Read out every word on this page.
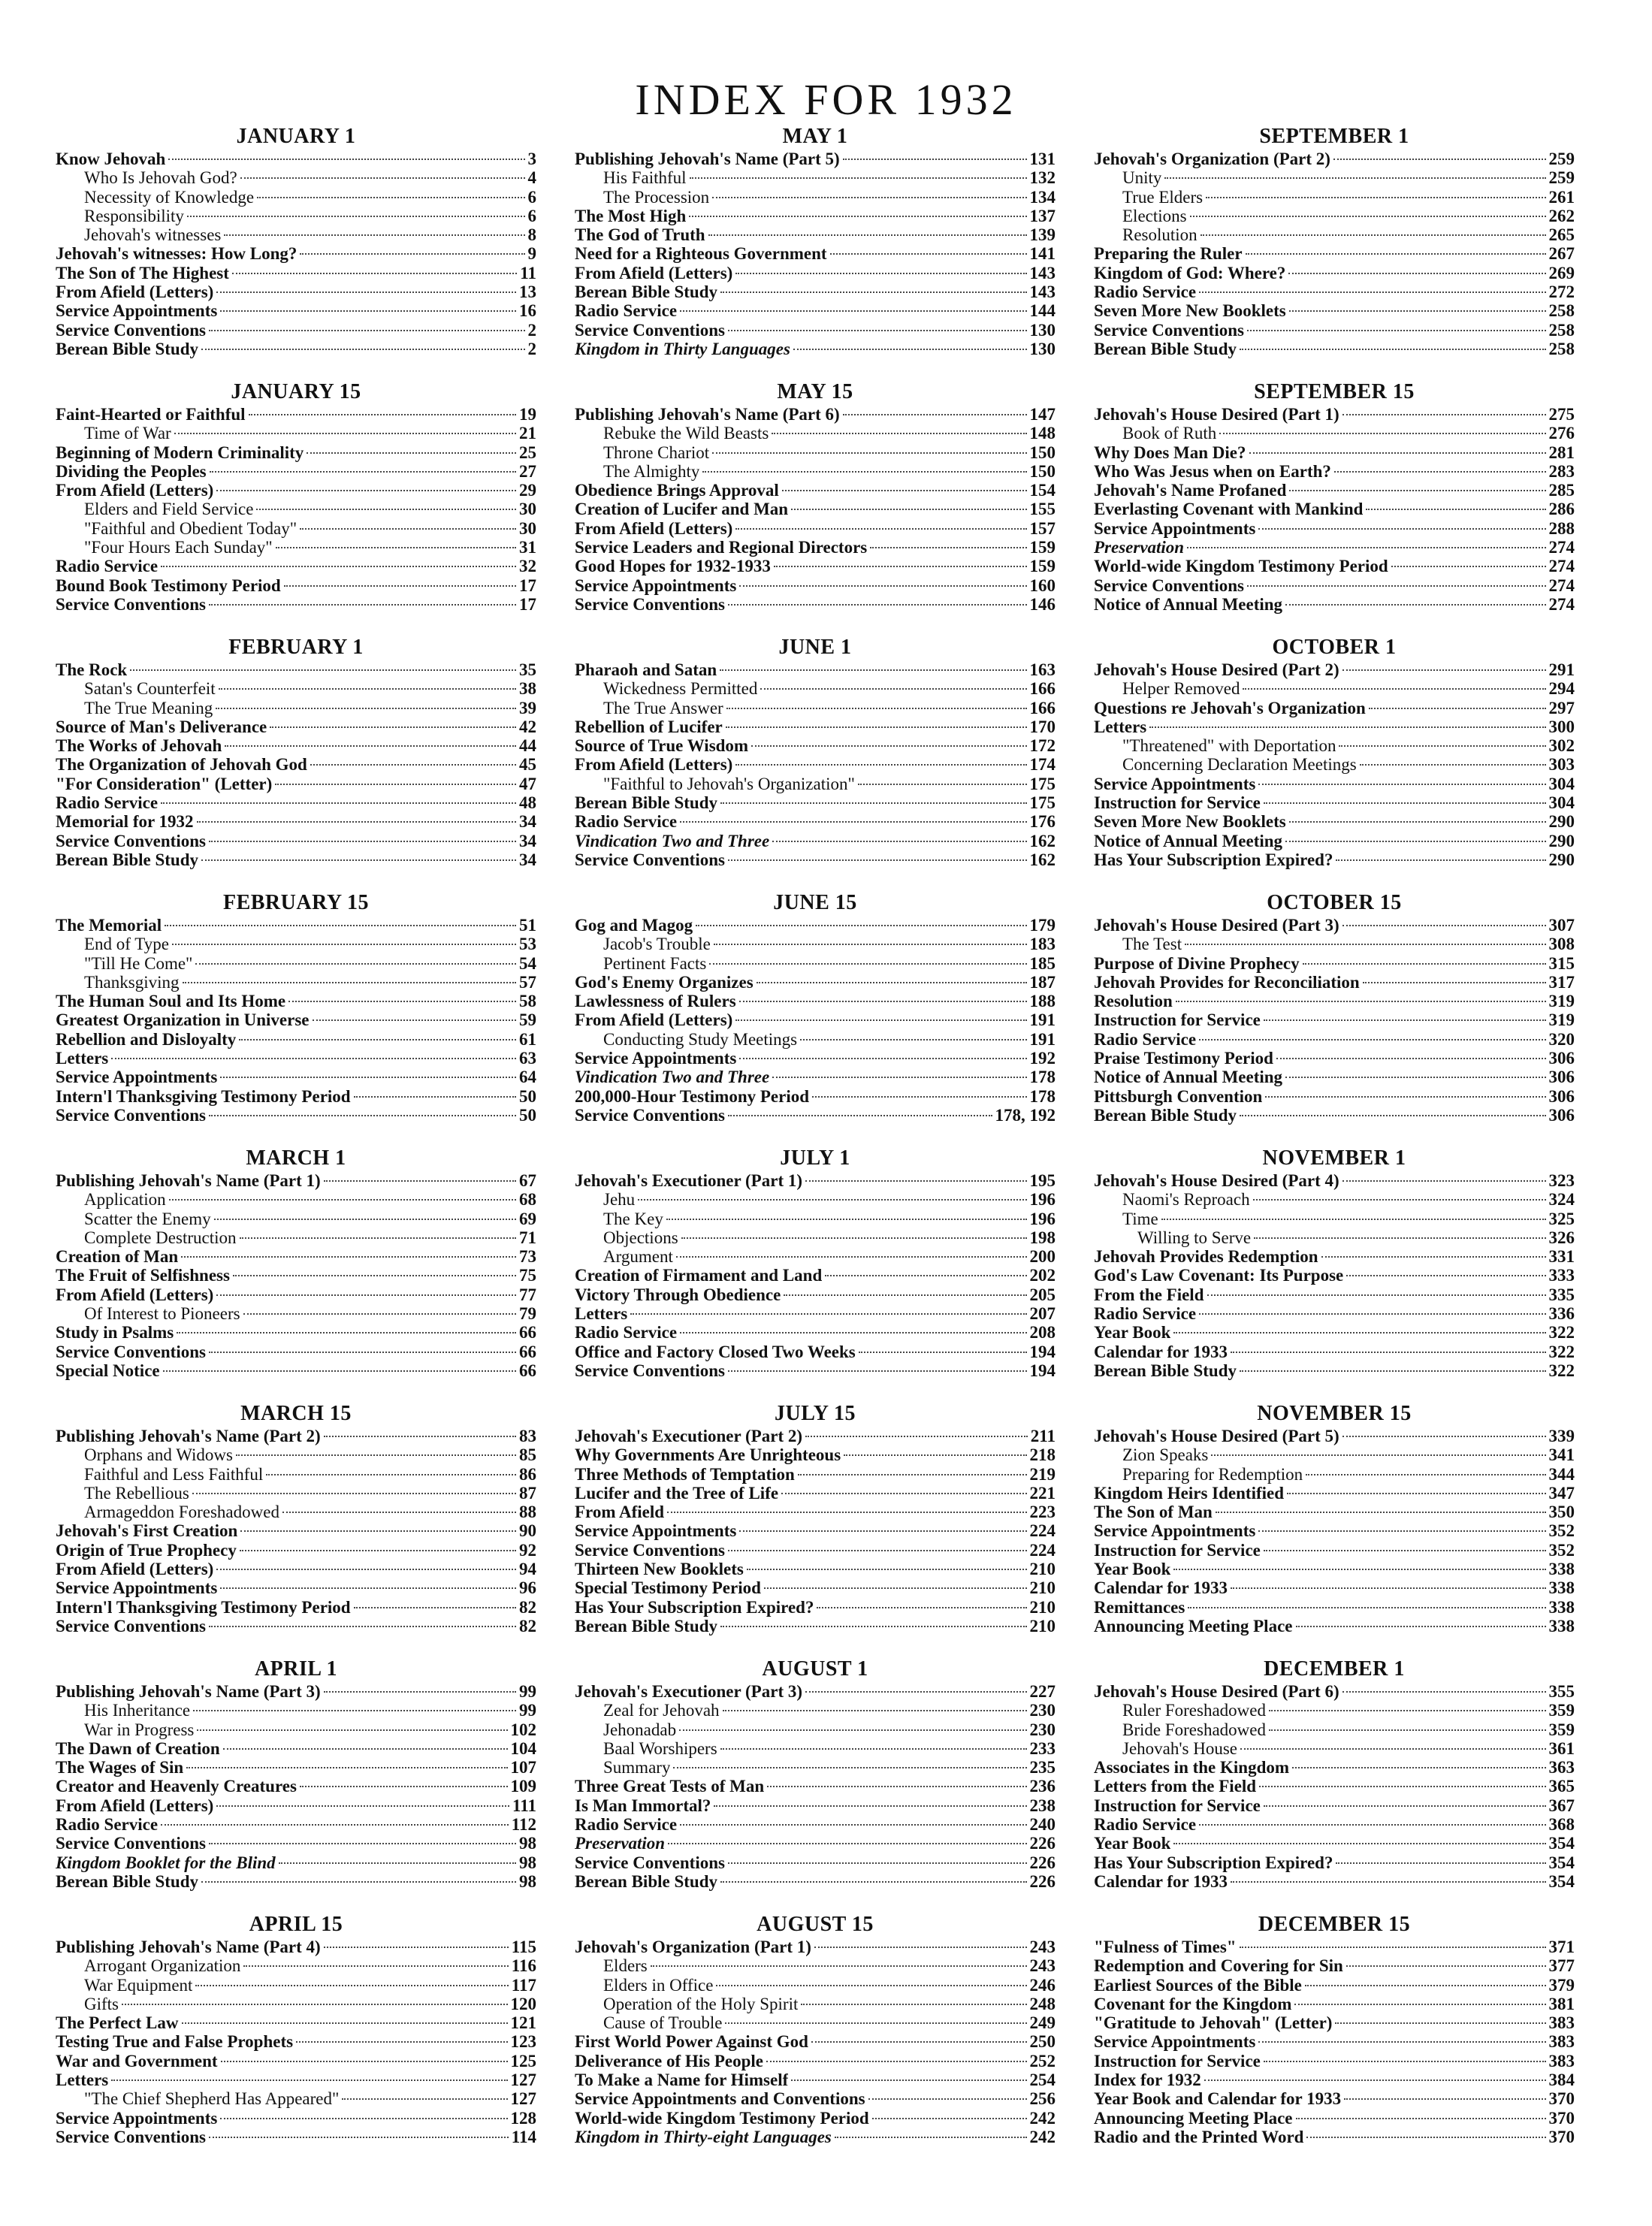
INDEX FOR 1932
JANUARY 1
Know Jehovah	3
Who Is Jehovah God?	4
Necessity of Knowledge	6
Responsibility	6
Jehovah's witnesses	8
Jehovah's witnesses: How Long?	9
The Son of The Highest	11
From Afield (Letters)	13
Service Appointments	16
Service Conventions	2
Berean Bible Study	2
JANUARY 15
Faint-Hearted or Faithful	19
Time of War	21
Beginning of Modern Criminality	25
Dividing the Peoples	27
From Afield (Letters)	29
Elders and Field Service	30
"Faithful and Obedient Today"	30
"Four Hours Each Sunday"	31
Radio Service	32
Bound Book Testimony Period	17
Service Conventions	17
FEBRUARY 1
The Rock	35
Satan's Counterfeit	38
The True Meaning	39
Source of Man's Deliverance	42
The Works of Jehovah	44
The Organization of Jehovah God	45
"For Consideration" (Letter)	47
Radio Service	48
Memorial for 1932	34
Service Conventions	34
Berean Bible Study	34
FEBRUARY 15
The Memorial	51
End of Type	53
"Till He Come"	54
Thanksgiving	57
The Human Soul and Its Home	58
Greatest Organization in Universe	59
Rebellion and Disloyalty	61
Letters	63
Service Appointments	64
Intern'l Thanksgiving Testimony Period	50
Service Conventions	50
MARCH 1
Publishing Jehovah's Name (Part 1)	67
Application	68
Scatter the Enemy	69
Complete Destruction	71
Creation of Man	73
The Fruit of Selfishness	75
From Afield (Letters)	77
Of Interest to Pioneers	79
Study in Psalms	66
Service Conventions	66
Special Notice	66
MARCH 15
Publishing Jehovah's Name (Part 2)	83
Orphans and Widows	85
Faithful and Less Faithful	86
The Rebellious	87
Armageddon Foreshadowed	88
Jehovah's First Creation	90
Origin of True Prophecy	92
From Afield (Letters)	94
Service Appointments	96
Intern'l Thanksgiving Testimony Period	82
Service Conventions	82
APRIL 1
Publishing Jehovah's Name (Part 3)	99
His Inheritance	99
War in Progress	102
The Dawn of Creation	104
The Wages of Sin	107
Creator and Heavenly Creatures	109
From Afield (Letters)	111
Radio Service	112
Service Conventions	98
Kingdom Booklet for the Blind	98
Berean Bible Study	98
APRIL 15
Publishing Jehovah's Name (Part 4)	115
Arrogant Organization	116
War Equipment	117
Gifts	120
The Perfect Law	121
Testing True and False Prophets	123
War and Government	125
Letters	127
"The Chief Shepherd Has Appeared"	127
Service Appointments	128
Service Conventions	114
MAY 1
Publishing Jehovah's Name (Part 5)	131
His Faithful	132
The Procession	134
The Most High	137
The God of Truth	139
Need for a Righteous Government	141
From Afield (Letters)	143
Berean Bible Study	143
Radio Service	144
Service Conventions	130
Kingdom in Thirty Languages	130
MAY 15
Publishing Jehovah's Name (Part 6)	147
Rebuke the Wild Beasts	148
Throne Chariot	150
The Almighty	150
Obedience Brings Approval	154
Creation of Lucifer and Man	155
From Afield (Letters)	157
Service Leaders and Regional Directors	159
Good Hopes for 1932-1933	159
Service Appointments	160
Service Conventions	146
JUNE 1
Pharaoh and Satan	163
Wickedness Permitted	166
The True Answer	166
Rebellion of Lucifer	170
Source of True Wisdom	172
From Afield (Letters)	174
"Faithful to Jehovah's Organization"	175
Berean Bible Study	175
Radio Service	176
Vindication Two and Three	162
Service Conventions	162
JUNE 15
Gog and Magog	179
Jacob's Trouble	183
Pertinent Facts	185
God's Enemy Organizes	187
Lawlessness of Rulers	188
From Afield (Letters)	191
Conducting Study Meetings	191
Service Appointments	192
Vindication Two and Three	178
200,000-Hour Testimony Period	178
Service Conventions	178, 192
JULY 1
Jehovah's Executioner (Part 1)	195
Jehu	196
The Key	196
Objections	198
Argument	200
Creation of Firmament and Land	202
Victory Through Obedience	205
Letters	207
Radio Service	208
Office and Factory Closed Two Weeks	194
Service Conventions	194
JULY 15
Jehovah's Executioner (Part 2)	211
Why Governments Are Unrighteous	218
Three Methods of Temptation	219
Lucifer and the Tree of Life	221
From Afield	223
Service Appointments	224
Service Conventions	224
Thirteen New Booklets	210
Special Testimony Period	210
Has Your Subscription Expired?	210
Berean Bible Study	210
AUGUST 1
Jehovah's Executioner (Part 3)	227
Zeal for Jehovah	230
Jehonadab	230
Baal Worshipers	233
Summary	235
Three Great Tests of Man	236
Is Man Immortal?	238
Radio Service	240
Preservation	226
Service Conventions	226
Berean Bible Study	226
AUGUST 15
Jehovah's Organization (Part 1)	243
Elders	243
Elders in Office	246
Operation of the Holy Spirit	248
Cause of Trouble	249
First World Power Against God	250
Deliverance of His People	252
To Make a Name for Himself	254
Service Appointments and Conventions	256
World-wide Kingdom Testimony Period	242
Kingdom in Thirty-eight Languages	242
SEPTEMBER 1
Jehovah's Organization (Part 2)	259
Unity	259
True Elders	261
Elections	262
Resolution	265
Preparing the Ruler	267
Kingdom of God: Where?	269
Radio Service	272
Seven More New Booklets	258
Service Conventions	258
Berean Bible Study	258
SEPTEMBER 15
Jehovah's House Desired (Part 1)	275
Book of Ruth	276
Why Does Man Die?	281
Who Was Jesus when on Earth?	283
Jehovah's Name Profaned	285
Everlasting Covenant with Mankind	286
Service Appointments	288
Preservation	274
World-wide Kingdom Testimony Period	274
Service Conventions	274
Notice of Annual Meeting	274
OCTOBER 1
Jehovah's House Desired (Part 2)	291
Helper Removed	294
Questions re Jehovah's Organization	297
Letters	300
"Threatened" with Deportation	302
Concerning Declaration Meetings	303
Service Appointments	304
Instruction for Service	304
Seven More New Booklets	290
Notice of Annual Meeting	290
Has Your Subscription Expired?	290
OCTOBER 15
Jehovah's House Desired (Part 3)	307
The Test	308
Purpose of Divine Prophecy	315
Jehovah Provides for Reconciliation	317
Resolution	319
Instruction for Service	319
Radio Service	320
Praise Testimony Period	306
Notice of Annual Meeting	306
Pittsburgh Convention	306
Berean Bible Study	306
NOVEMBER 1
Jehovah's House Desired (Part 4)	323
Naomi's Reproach	324
Time	325
Willing to Serve	326
Jehovah Provides Redemption	331
God's Law Covenant: Its Purpose	333
From the Field	335
Radio Service	336
Year Book	322
Calendar for 1933	322
Berean Bible Study	322
NOVEMBER 15
Jehovah's House Desired (Part 5)	339
Zion Speaks	341
Preparing for Redemption	344
Kingdom Heirs Identified	347
The Son of Man	350
Service Appointments	352
Instruction for Service	352
Year Book	338
Calendar for 1933	338
Remittances	338
Announcing Meeting Place	338
DECEMBER 1
Jehovah's House Desired (Part 6)	355
Ruler Foreshadowed	359
Bride Foreshadowed	359
Jehovah's House	361
Associates in the Kingdom	363
Letters from the Field	365
Instruction for Service	367
Radio Service	368
Year Book	354
Has Your Subscription Expired?	354
Calendar for 1933	354
DECEMBER 15
"Fulness of Times"	371
Redemption and Covering for Sin	377
Earliest Sources of the Bible	379
Covenant for the Kingdom	381
"Gratitude to Jehovah" (Letter)	383
Service Appointments	383
Instruction for Service	383
Index for 1932	384
Year Book and Calendar for 1933	370
Announcing Meeting Place	370
Radio and the Printed Word	370
